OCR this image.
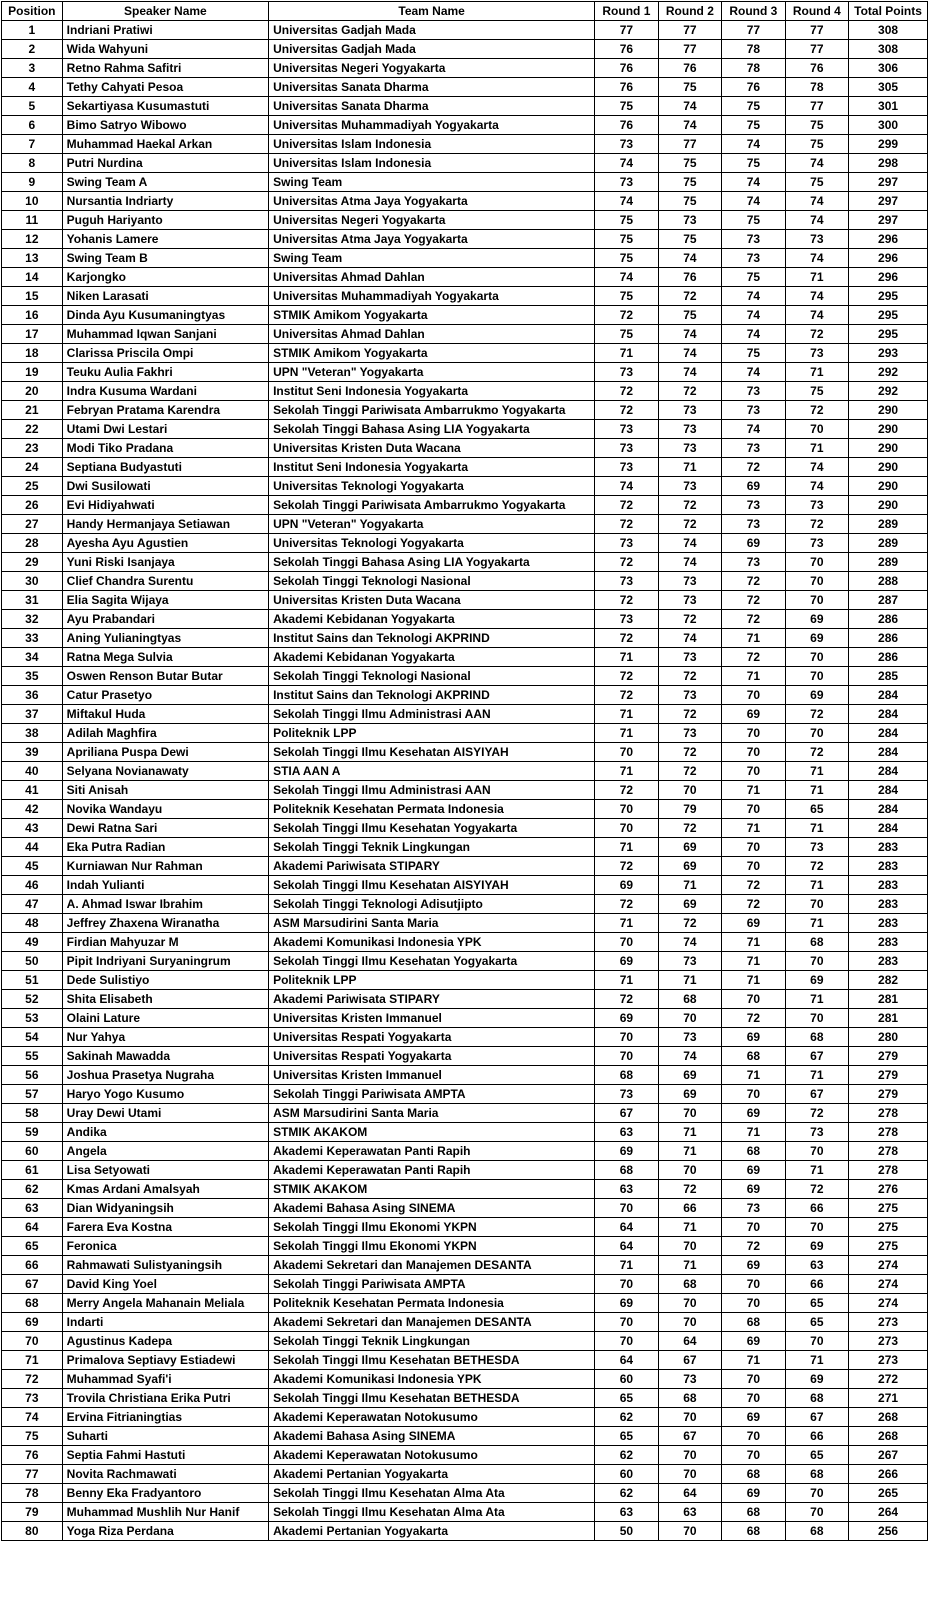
Position	Speaker Name	Team Name	Round 1	Round 2	Round 3	Round 4	Total Points
1	Indriani Pratiwi	Universitas Gadjah Mada	77	77	77	77	308
2	Wida Wahyuni	Universitas Gadjah Mada	76	77	78	77	308
3	Retno Rahma Safitri	Universitas Negeri Yogyakarta	76	76	78	76	306
4	Tethy Cahyati Pesoa	Universitas Sanata Dharma	76	75	76	78	305
5	Sekartiyasa Kusumastuti	Universitas Sanata Dharma	75	74	75	77	301
6	Bimo Satryo Wibowo	Universitas Muhammadiyah Yogyakarta	76	74	75	75	300
7	Muhammad Haekal Arkan	Universitas Islam Indonesia	73	77	74	75	299
8	Putri Nurdina	Universitas Islam Indonesia	74	75	75	74	298
9	Swing Team A	Swing Team	73	75	74	75	297
10	Nursantia Indriarty	Universitas Atma Jaya Yogyakarta	74	75	74	74	297
11	Puguh Hariyanto	Universitas Negeri Yogyakarta	75	73	75	74	297
12	Yohanis Lamere	Universitas Atma Jaya Yogyakarta	75	75	73	73	296
13	Swing Team B	Swing Team	75	74	73	74	296
14	Karjongko	Universitas Ahmad Dahlan	74	76	75	71	296
15	Niken Larasati	Universitas Muhammadiyah Yogyakarta	75	72	74	74	295
16	Dinda Ayu Kusumaningtyas	STMIK Amikom Yogyakarta	72	75	74	74	295
17	Muhammad Iqwan Sanjani	Universitas Ahmad Dahlan	75	74	74	72	295
18	Clarissa Priscila Ompi	STMIK Amikom Yogyakarta	71	74	75	73	293
19	Teuku Aulia Fakhri	UPN "Veteran" Yogyakarta	73	74	74	71	292
20	Indra Kusuma Wardani	Institut Seni Indonesia Yogyakarta	72	72	73	75	292
21	Febryan Pratama Karendra	Sekolah Tinggi Pariwisata Ambarrukmo Yogyakarta	72	73	73	72	290
22	Utami Dwi Lestari	Sekolah Tinggi Bahasa Asing LIA Yogyakarta	73	73	74	70	290
23	Modi Tiko Pradana	Universitas Kristen Duta Wacana	73	73	73	71	290
24	Septiana Budyastuti	Institut Seni Indonesia Yogyakarta	73	71	72	74	290
25	Dwi Susilowati	Universitas Teknologi Yogyakarta	74	73	69	74	290
26	Evi Hidiyahwati	Sekolah Tinggi Pariwisata Ambarrukmo Yogyakarta	72	72	73	73	290
27	Handy Hermanjaya Setiawan	UPN "Veteran" Yogyakarta	72	72	73	72	289
28	Ayesha Ayu Agustien	Universitas Teknologi Yogyakarta	73	74	69	73	289
29	Yuni Riski Isanjaya	Sekolah Tinggi Bahasa Asing LIA Yogyakarta	72	74	73	70	289
30	Clief Chandra Surentu	Sekolah Tinggi Teknologi Nasional	73	73	72	70	288
31	Elia Sagita Wijaya	Universitas Kristen Duta Wacana	72	73	72	70	287
32	Ayu Prabandari	Akademi Kebidanan Yogyakarta	73	72	72	69	286
33	Aning Yulianingtyas	Institut Sains dan Teknologi AKPRIND	72	74	71	69	286
34	Ratna Mega Sulvia	Akademi Kebidanan Yogyakarta	71	73	72	70	286
35	Oswen Renson Butar Butar	Sekolah Tinggi Teknologi Nasional	72	72	71	70	285
36	Catur Prasetyo	Institut Sains dan Teknologi AKPRIND	72	73	70	69	284
37	Miftakul Huda	Sekolah Tinggi Ilmu Administrasi AAN	71	72	69	72	284
38	Adilah Maghfira	Politeknik LPP	71	73	70	70	284
39	Apriliana Puspa Dewi	Sekolah Tinggi Ilmu Kesehatan AISYIYAH	70	72	70	72	284
40	Selyana Novianawaty	STIA AAN A	71	72	70	71	284
41	Siti Anisah	Sekolah Tinggi Ilmu Administrasi AAN	72	70	71	71	284
42	Novika Wandayu	Politeknik Kesehatan Permata Indonesia	70	79	70	65	284
43	Dewi Ratna Sari	Sekolah Tinggi Ilmu Kesehatan Yogyakarta	70	72	71	71	284
44	Eka Putra Radian	Sekolah Tinggi Teknik Lingkungan	71	69	70	73	283
45	Kurniawan Nur Rahman	Akademi Pariwisata STIPARY	72	69	70	72	283
46	Indah Yulianti	Sekolah Tinggi Ilmu Kesehatan AISYIYAH	69	71	72	71	283
47	A. Ahmad Iswar Ibrahim	Sekolah Tinggi Teknologi Adisutjipto	72	69	72	70	283
48	Jeffrey Zhaxena Wiranatha	ASM Marsudirini Santa Maria	71	72	69	71	283
49	Firdian Mahyuzar M	Akademi Komunikasi Indonesia YPK	70	74	71	68	283
50	Pipit Indriyani Suryaningrum	Sekolah Tinggi Ilmu Kesehatan Yogyakarta	69	73	71	70	283
51	Dede Sulistiyo	Politeknik LPP	71	71	71	69	282
52	Shita Elisabeth	Akademi Pariwisata STIPARY	72	68	70	71	281
53	Olaini Lature	Universitas Kristen Immanuel	69	70	72	70	281
54	Nur Yahya	Universitas Respati Yogyakarta	70	73	69	68	280
55	Sakinah Mawadda	Universitas Respati Yogyakarta	70	74	68	67	279
56	Joshua Prasetya Nugraha	Universitas Kristen Immanuel	68	69	71	71	279
57	Haryo Yogo Kusumo	Sekolah Tinggi Pariwisata AMPTA	73	69	70	67	279
58	Uray Dewi Utami	ASM Marsudirini Santa Maria	67	70	69	72	278
59	Andika	STMIK AKAKOM	63	71	71	73	278
60	Angela	Akademi Keperawatan Panti Rapih	69	71	68	70	278
61	Lisa Setyowati	Akademi Keperawatan Panti Rapih	68	70	69	71	278
62	Kmas Ardani Amalsyah	STMIK AKAKOM	63	72	69	72	276
63	Dian Widyaningsih	Akademi Bahasa Asing SINEMA	70	66	73	66	275
64	Farera Eva Kostna	Sekolah Tinggi Ilmu Ekonomi YKPN	64	71	70	70	275
65	Feronica	Sekolah Tinggi Ilmu Ekonomi YKPN	64	70	72	69	275
66	Rahmawati Sulistyaningsih	Akademi Sekretari dan Manajemen DESANTA	71	71	69	63	274
67	David King Yoel	Sekolah Tinggi Pariwisata AMPTA	70	68	70	66	274
68	Merry Angela Mahanain Meliala	Politeknik Kesehatan Permata Indonesia	69	70	70	65	274
69	Indarti	Akademi Sekretari dan Manajemen DESANTA	70	70	68	65	273
70	Agustinus Kadepa	Sekolah Tinggi Teknik Lingkungan	70	64	69	70	273
71	Primalova Septiavy Estiadewi	Sekolah Tinggi Ilmu Kesehatan BETHESDA	64	67	71	71	273
72	Muhammad Syafi'i	Akademi Komunikasi Indonesia YPK	60	73	70	69	272
73	Trovila Christiana Erika Putri	Sekolah Tinggi Ilmu Kesehatan BETHESDA	65	68	70	68	271
74	Ervina Fitrianingtias	Akademi Keperawatan Notokusumo	62	70	69	67	268
75	Suharti	Akademi Bahasa Asing SINEMA	65	67	70	66	268
76	Septia Fahmi Hastuti	Akademi Keperawatan Notokusumo	62	70	70	65	267
77	Novita Rachmawati	Akademi Pertanian Yogyakarta	60	70	68	68	266
78	Benny Eka Fradyantoro	Sekolah Tinggi Ilmu Kesehatan Alma Ata	62	64	69	70	265
79	Muhammad Mushlih Nur Hanif	Sekolah Tinggi Ilmu Kesehatan Alma Ata	63	63	68	70	264
80	Yoga Riza Perdana	Akademi Pertanian Yogyakarta	50	70	68	68	256
